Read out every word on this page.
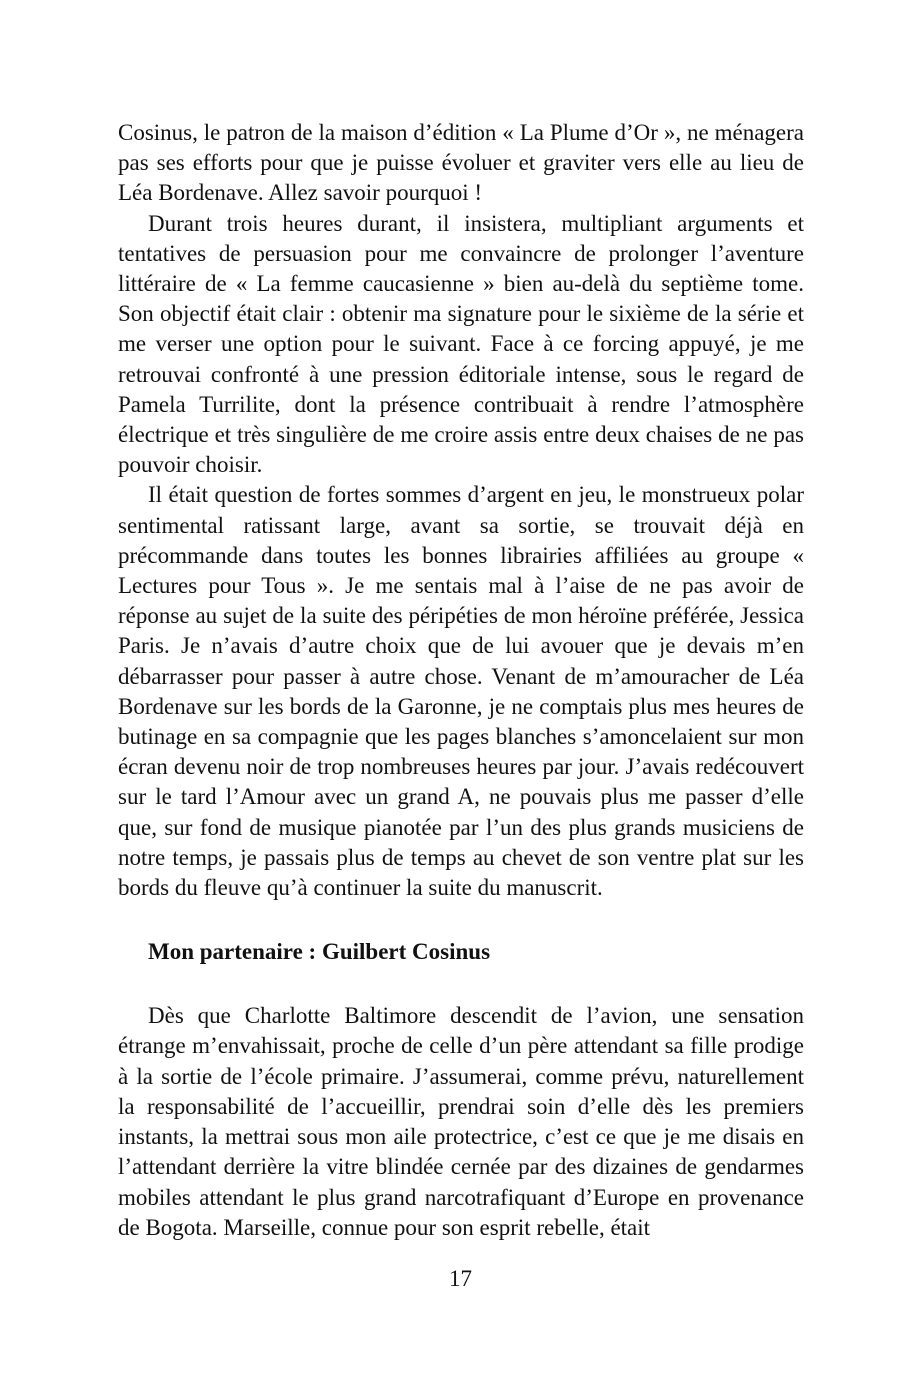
Cosinus, le patron de la maison d’édition « La Plume d’Or », ne ménagera pas ses efforts pour que je puisse évoluer et graviter vers elle au lieu de Léa Bordenave. Allez savoir pourquoi !

Durant trois heures durant, il insistera, multipliant arguments et tentatives de persuasion pour me convaincre de prolonger l’aventure littéraire de « La femme caucasienne » bien au-delà du septième tome. Son objectif était clair : obtenir ma signature pour le sixième de la série et me verser une option pour le suivant. Face à ce forcing appuyé, je me retrouvai confronté à une pression éditoriale intense, sous le regard de Pamela Turrilite, dont la présence contribuait à rendre l’atmosphère électrique et très singulière de me croire assis entre deux chaises de ne pas pouvoir choisir.

Il était question de fortes sommes d’argent en jeu, le monstrueux polar sentimental ratissant large, avant sa sortie, se trouvait déjà en précommande dans toutes les bonnes librairies affiliées au groupe « Lectures pour Tous ». Je me sentais mal à l’aise de ne pas avoir de réponse au sujet de la suite des péripéties de mon héroïne préférée, Jessica Paris. Je n’avais d’autre choix que de lui avouer que je devais m’en débarrasser pour passer à autre chose. Venant de m’amouracher de Léa Bordenave sur les bords de la Garonne, je ne comptais plus mes heures de butinage en sa compagnie que les pages blanches s’amoncelaient sur mon écran devenu noir de trop nombreuses heures par jour. J’avais redécouvert sur le tard l’Amour avec un grand A, ne pouvais plus me passer d’elle que, sur fond de musique pianotée par l’un des plus grands musiciens de notre temps, je passais plus de temps au chevet de son ventre plat sur les bords du fleuve qu’à continuer la suite du manuscrit.

Mon partenaire : Guilbert Cosinus

Dès que Charlotte Baltimore descendit de l’avion, une sensation étrange m’envahissait, proche de celle d’un père attendant sa fille prodige à la sortie de l’école primaire. J’assumerai, comme prévu, naturellement la responsabilité de l’accueillir, prendrai soin d’elle dès les premiers instants, la mettrai sous mon aile protectrice, c’est ce que je me disais en l’attendant derrière la vitre blindée cernée par des dizaines de gendarmes mobiles attendant le plus grand narcotrafiquant d’Europe en provenance de Bogota. Marseille, connue pour son esprit rebelle, était

17
